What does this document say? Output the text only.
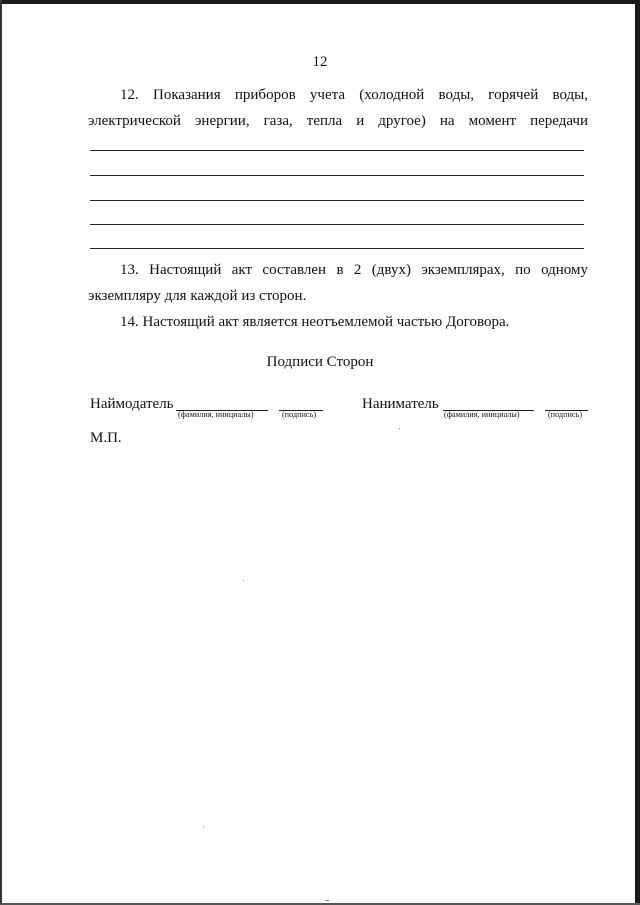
12
12. Показания приборов учета (холодной воды, горячей воды,
электрической энергии, газа, тепла и другое) на момент передачи
13. Настоящий акт составлен в 2 (двух) экземплярах, по одному
экземпляру для каждой из сторон.
14. Настоящий акт является неотъемлемой частью Договора.
Подписи Сторон
Наймодатель
(фамилия, инициалы)	(подпись)
Наниматель
(фамилия, инициалы)	(подпись)
М.П.
